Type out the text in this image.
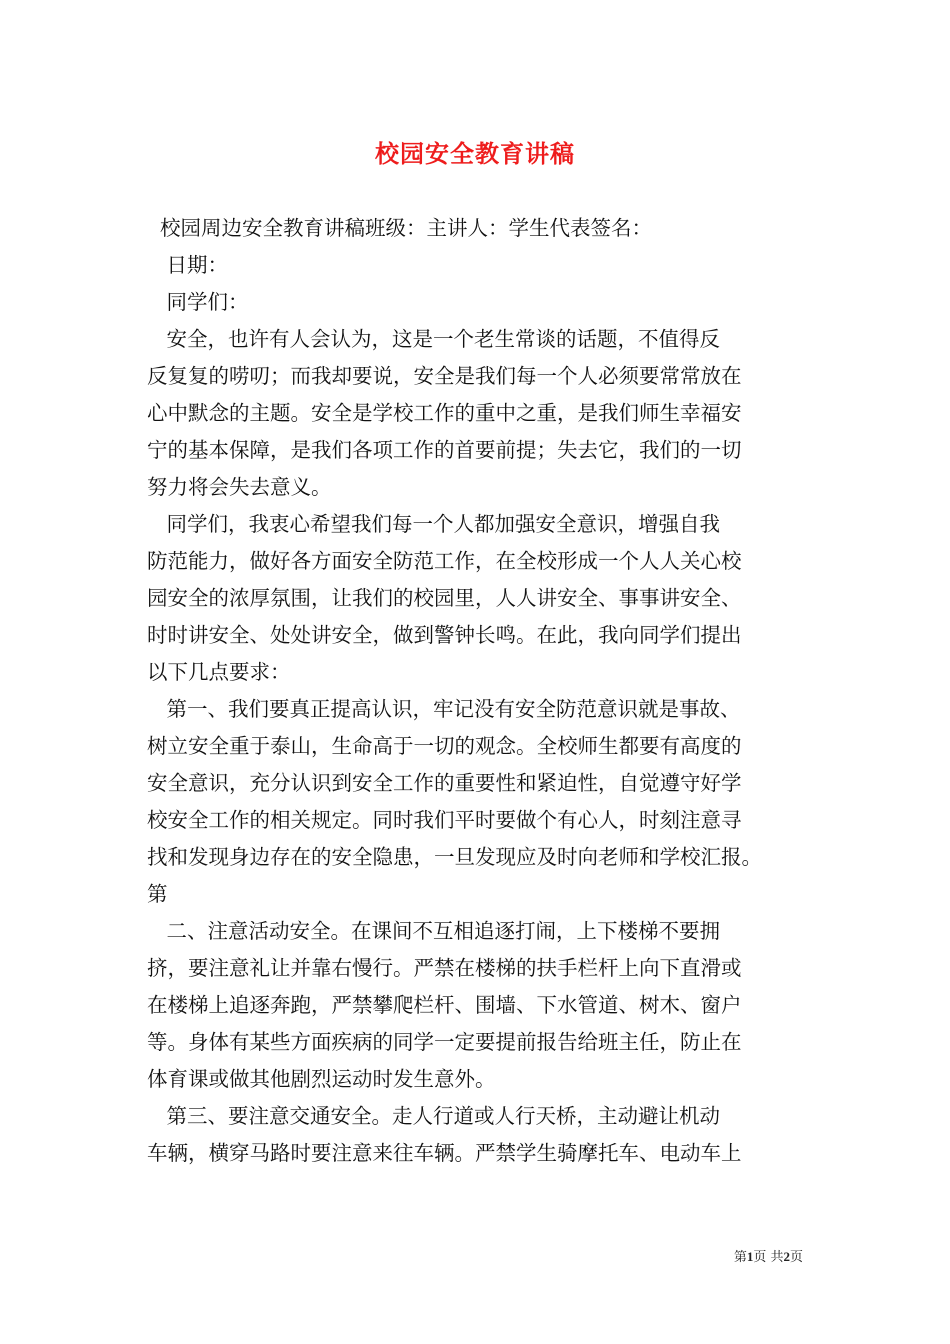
校园安全教育讲稿
校园周边安全教育讲稿班级：主讲人：学生代表签名：
日期：
同学们：
安全，也许有人会认为，这是一个老生常谈的话题，不值得反
反复复的唠叨；而我却要说，安全是我们每一个人必须要常常放在
心中默念的主题。安全是学校工作的重中之重，是我们师生幸福安
宁的基本保障，是我们各项工作的首要前提；失去它，我们的一切
努力将会失去意义。
同学们，我衷心希望我们每一个人都加强安全意识，增强自我
防范能力，做好各方面安全防范工作，在全校形成一个人人关心校
园安全的浓厚氛围，让我们的校园里，人人讲安全、事事讲安全、
时时讲安全、处处讲安全，做到警钟长鸣。在此，我向同学们提出
以下几点要求：
第一、我们要真正提高认识，牢记没有安全防范意识就是事故、
树立安全重于泰山，生命高于一切的观念。全校师生都要有高度的
安全意识，充分认识到安全工作的重要性和紧迫性，自觉遵守好学
校安全工作的相关规定。同时我们平时要做个有心人，时刻注意寻
找和发现身边存在的安全隐患，一旦发现应及时向老师和学校汇报。
第
二、注意活动安全。在课间不互相追逐打闹，上下楼梯不要拥
挤，要注意礼让并靠右慢行。严禁在楼梯的扶手栏杆上向下直滑或
在楼梯上追逐奔跑，严禁攀爬栏杆、围墙、下水管道、树木、窗户
等。身体有某些方面疾病的同学一定要提前报告给班主任，防止在
体育课或做其他剧烈运动时发生意外。
第三、要注意交通安全。走人行道或人行天桥，主动避让机动
车辆，横穿马路时要注意来往车辆。严禁学生骑摩托车、电动车上
第1页 共2页
